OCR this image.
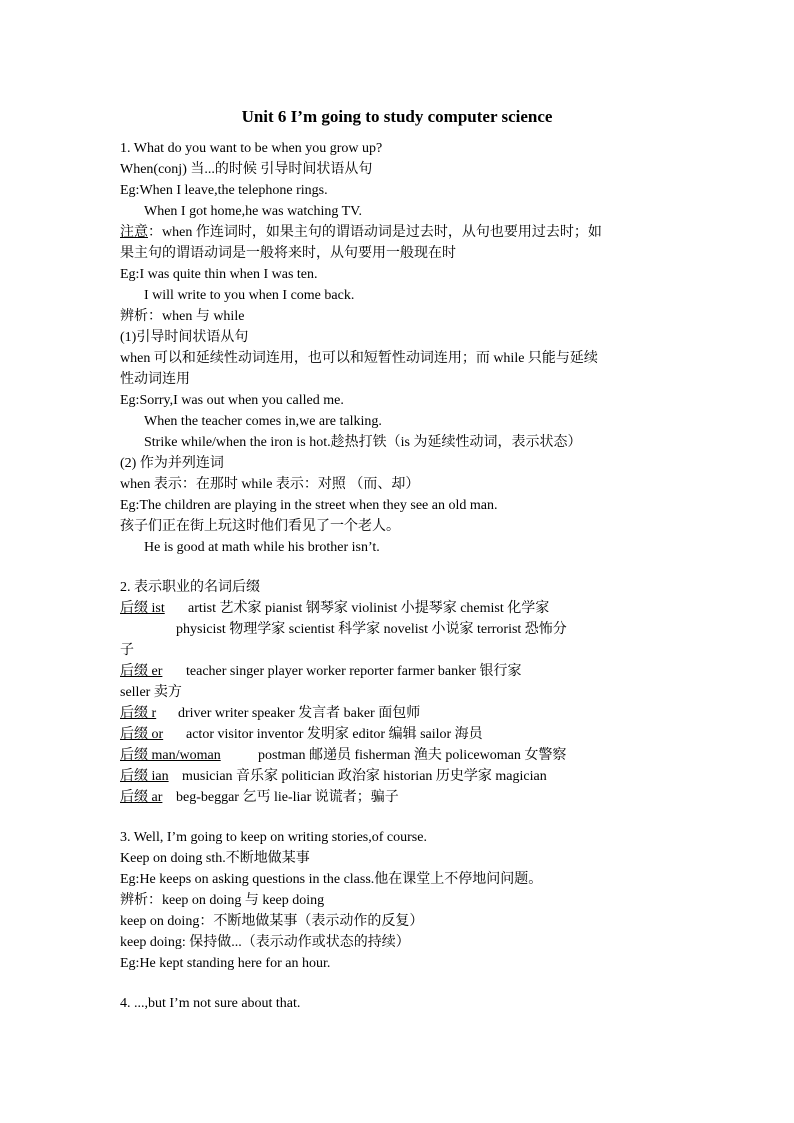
Unit 6 I’m going to study computer science
1. What do you want to be when you grow up?
When(conj) 当...的时候 引导时间状语从句
Eg:When I leave,the telephone rings.
When I got home,he was watching TV.
注意：when 作连词时，如果主句的谓语动词是过去时，从句也要用过去时；如
果主句的谓语动词是一般将来时，从句要用一般现在时
Eg:I was quite thin when I was ten.
I will write to you when I come back.
辨析：when 与 while
(1)引导时间状语从句
when 可以和延续性动词连用，也可以和短暂性动词连用；而 while 只能与延续
性动词连用
Eg:Sorry,I was out when you called me.
When the teacher comes in,we are talking.
Strike while/when the iron is hot.趁热打铁（is 为延续性动词，表示状态）
(2) 作为并列连词
when 表示：在那时 while 表示：对照 （而、却）
Eg:The children are playing in the street when they see an old man.
孩子们正在街上玩这时他们看见了一个老人。
He is good at math while his brother isn’t.
2. 表示职业的名词后缀
后缀 ist artist 艺术家 pianist 钢琴家 violinist 小提琴家 chemist 化学家
physicist 物理学家 scientist 科学家 novelist 小说家 terrorist 恐怖分
子
后缀 er teacher singer player worker reporter farmer banker 银行家
seller 卖方
后缀 r driver writer speaker 发言者 baker 面包师
后缀 or actor visitor inventor 发明家 editor 编辑 sailor 海员
后缀 man/woman	postman 邮递员 fisherman 渔夫 policewoman 女警察
后缀 ian musician 音乐家 politician 政治家 historian 历史学家 magician
后缀 ar beg-beggar 乞丐 lie-liar 说谎者；骗子
3. Well, I’m going to keep on writing stories,of course.
Keep on doing sth.不断地做某事
Eg:He keeps on asking questions in the class.他在课堂上不停地问问题。
辨析：keep on doing 与 keep doing
keep on doing：不断地做某事（表示动作的反复）
keep doing: 保持做...（表示动作或状态的持续）
Eg:He kept standing here for an hour.
4. ...,but I’m not sure about that.
